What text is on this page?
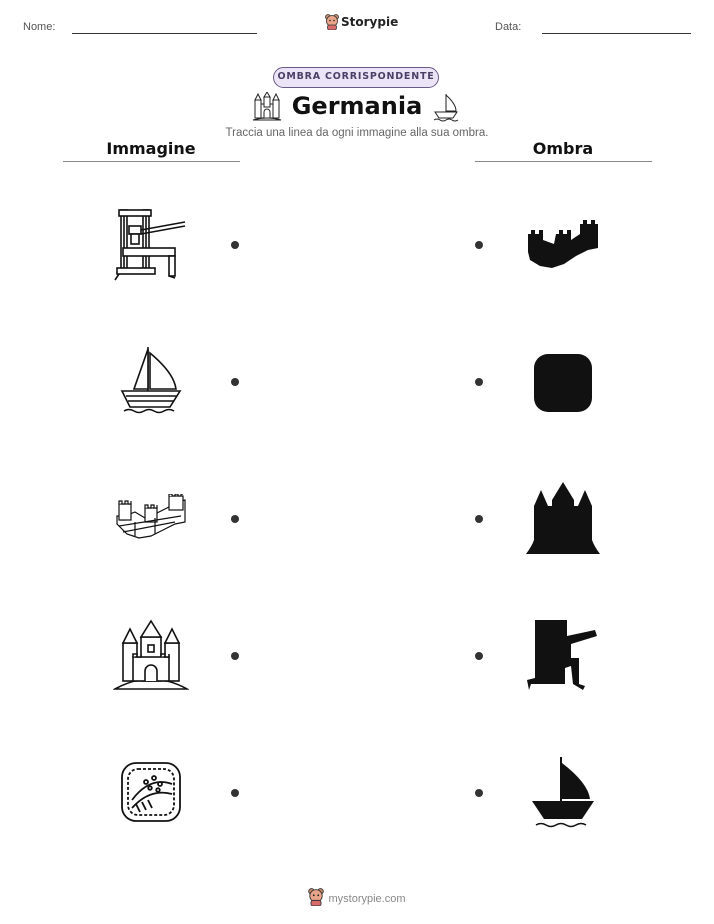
Nome:	Storypie	Data:
OMBRA CORRISPONDENTE
Germania
Traccia una linea da ogni immagine alla sua ombra.
Immagine	Ombra
mystorypie.com
